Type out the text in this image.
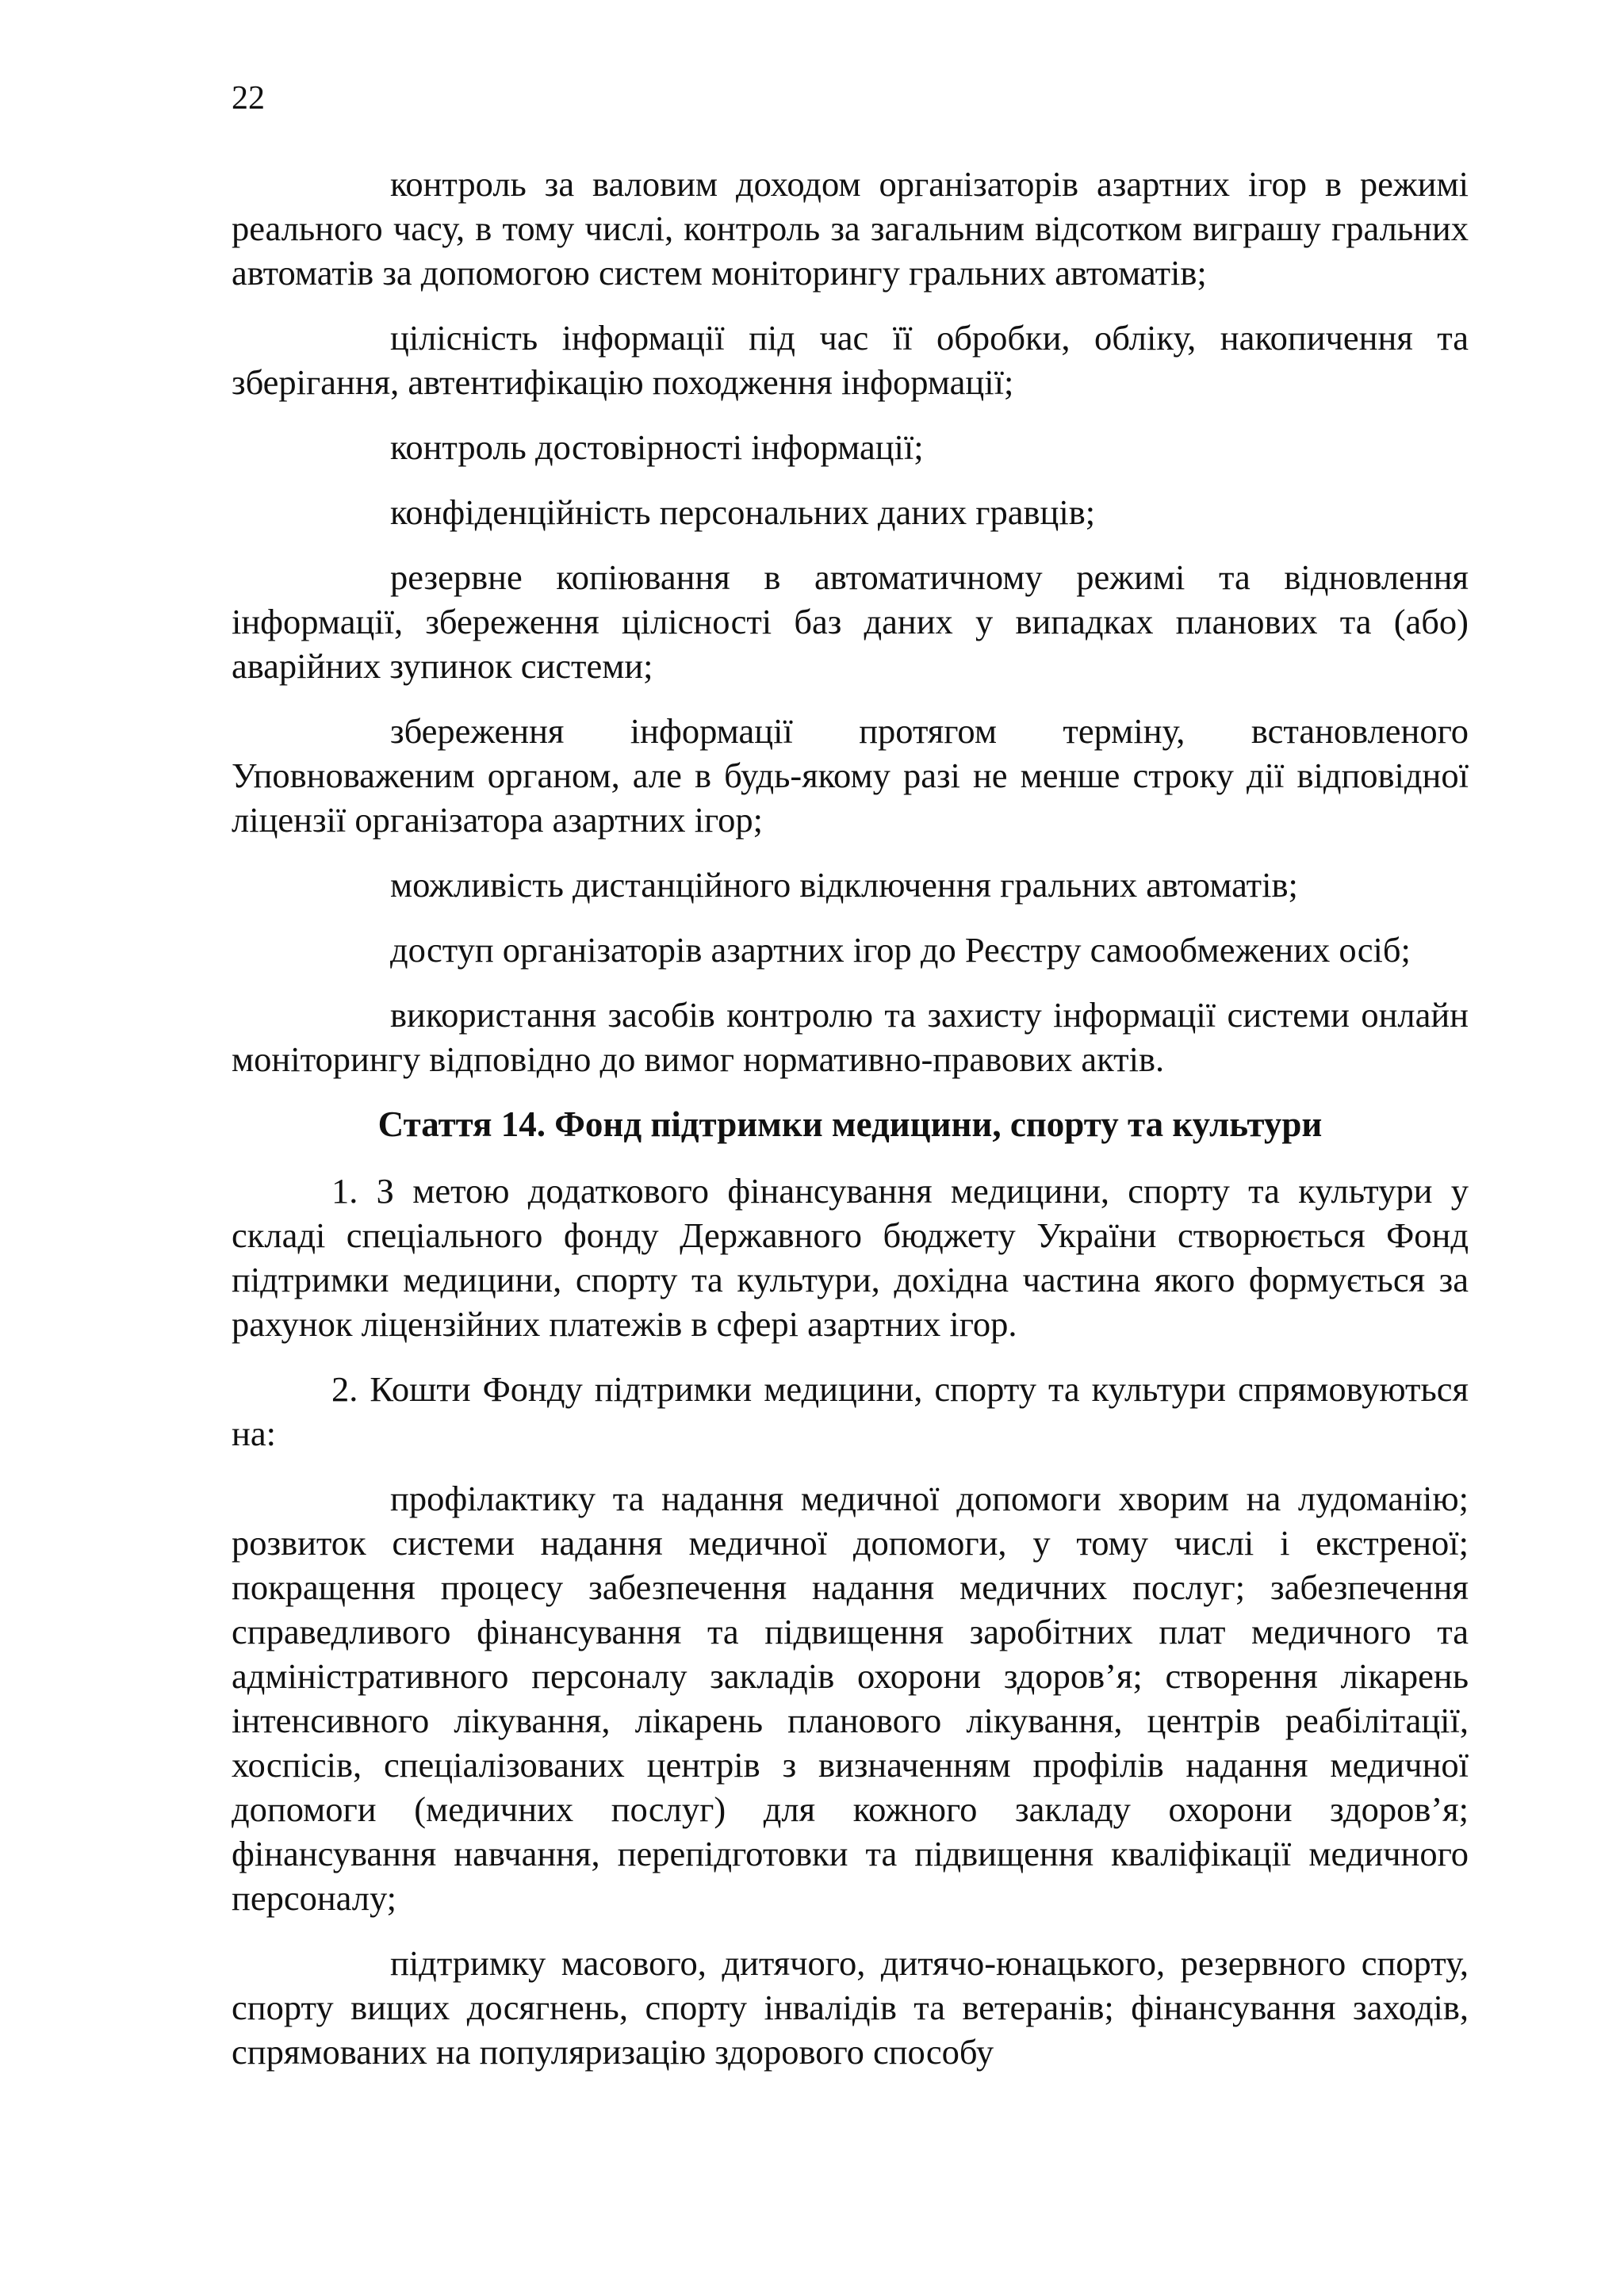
22

контроль за валовим доходом організаторів азартних ігор в режимі реального часу, в тому числі, контроль за загальним відсотком виграшу гральних автоматів за допомогою систем моніторингу гральних автоматів;

цілісність інформації під час її обробки, обліку, накопичення та зберігання, автентифікацію походження інформації;

контроль достовірності інформації;

конфіденційність персональних даних гравців;

резервне копіювання в автоматичному режимі та відновлення інформації, збереження цілісності баз даних у випадках планових та (або) аварійних зупинок системи;

збереження інформації протягом терміну, встановленого Уповноваженим органом, але в будь-якому разі не менше строку дії відповідної ліцензії організатора азартних ігор;

можливість дистанційного відключення гральних автоматів;

доступ організаторів азартних ігор до Реєстру самообмежених осіб;

використання засобів контролю та захисту інформації системи онлайн моніторингу відповідно до вимог нормативно-правових актів.

Стаття 14. Фонд підтримки медицини, спорту та культури

1. З метою додаткового фінансування медицини, спорту та культури у складі спеціального фонду Державного бюджету України створюється Фонд підтримки медицини, спорту та культури, дохідна частина якого формується за рахунок ліцензійних платежів в сфері азартних ігор.

2. Кошти Фонду підтримки медицини, спорту та культури спрямовуються на:

профілактику та надання медичної допомоги хворим на лудоманію; розвиток системи надання медичної допомоги, у тому числі і екстреної; покращення процесу забезпечення надання медичних послуг; забезпечення справедливого фінансування та підвищення заробітних плат медичного та адміністративного персоналу закладів охорони здоров’я; створення лікарень інтенсивного лікування, лікарень планового лікування, центрів реабілітації, хоспісів, спеціалізованих центрів з визначенням профілів надання медичної допомоги (медичних послуг) для кожного закладу охорони здоров’я; фінансування навчання, перепідготовки та підвищення кваліфікації медичного персоналу;

підтримку масового, дитячого, дитячо-юнацького, резервного спорту, спорту вищих досягнень, спорту інвалідів та ветеранів; фінансування заходів, спрямованих на популяризацію здорового способу
